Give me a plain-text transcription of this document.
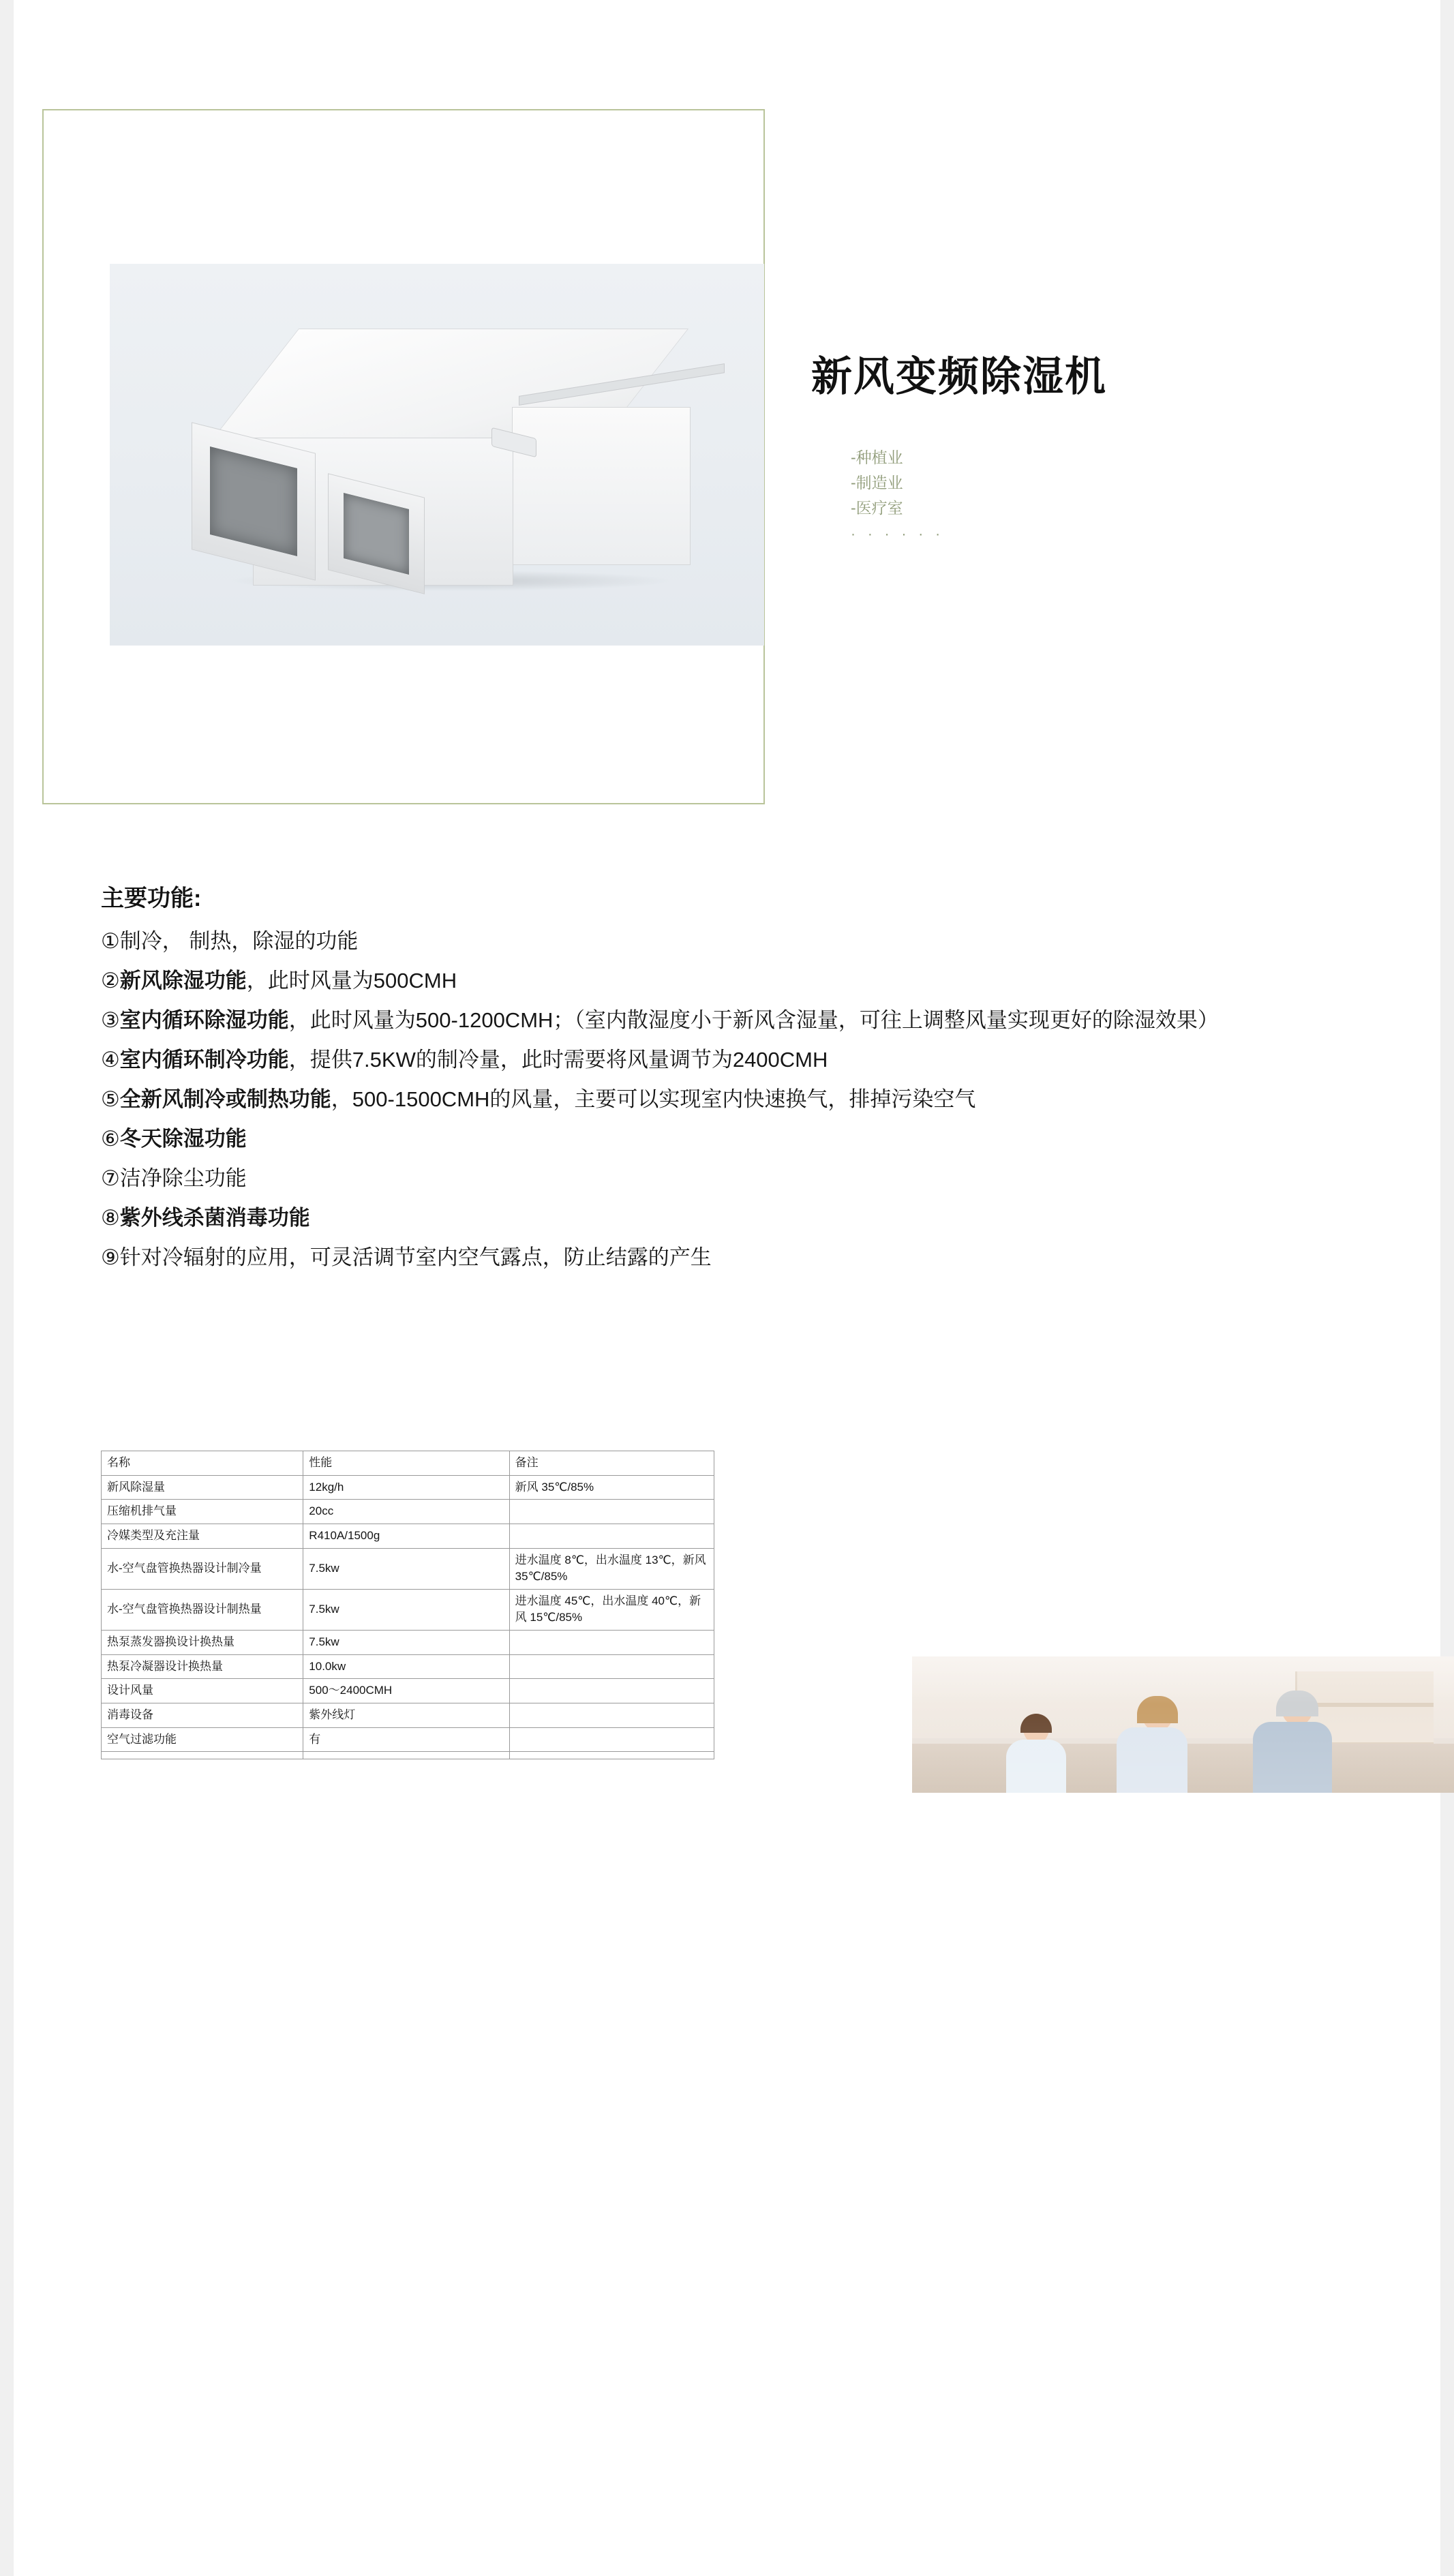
新风变频除湿机
-种植业
-制造业
-医疗室
· · · · · ·
主要功能:
①制冷， 制热，除湿的功能
②新风除湿功能，此时风量为500CMH
③室内循环除湿功能，此时风量为500-1200CMH；（室内散湿度小于新风含湿量，可往上调整风量实现更好的除湿效果）
④室内循环制冷功能，提供7.5KW的制冷量，此时需要将风量调节为2400CMH
⑤全新风制冷或制热功能，500-1500CMH的风量，主要可以实现室内快速换气，排掉污染空气
⑥冬天除湿功能
⑦洁净除尘功能
⑧紫外线杀菌消毒功能
⑨针对冷辐射的应用，可灵活调节室内空气露点，防止结露的产生
名称	性能	备注
新风除湿量	12kg/h	新风 35℃/85%
压缩机排气量	20cc	
冷媒类型及充注量	R410A/1500g	
水-空气盘管换热器设计制冷量	7.5kw	进水温度 8℃，出水温度 13℃，新风 35℃/85%
水-空气盘管换热器设计制热量	7.5kw	进水温度 45℃，出水温度 40℃，新风 15℃/85%
热泵蒸发器换设计换热量	7.5kw	
热泵冷凝器设计换热量	10.0kw	
设计风量	500～2400CMH	
消毒设备	紫外线灯	
空气过滤功能	有	
